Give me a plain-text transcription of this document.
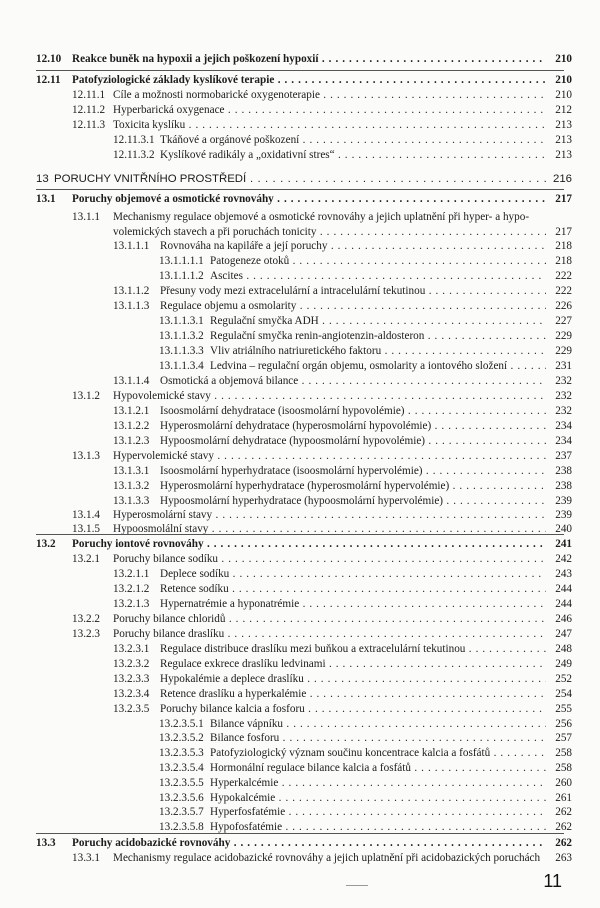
12.10 Reakce buněk na hypoxii a jejich poškození hypoxií . . .	210
12.11 Patofyziologické základy kyslíkové terapie . . .	210
12.11.1 Cíle a možnosti normobarické oxygenoterapie . . .	210
12.11.2 Hyperbarická oxygenace . . .	212
12.11.3 Toxicita kyslíku . . .	213
12.11.3.1 Tkáňové a orgánové poškození . . .	213
12.11.3.2 Kyslíkové radikály a „oxidativní stres“ . . .	213
13 PORUCHY VNITŘNÍHO PROSTŘEDÍ . . .	216
13.1 Poruchy objemové a osmotické rovnováhy . . .	217
13.1.1 Mechanismy regulace objemové a osmotické rovnováhy a jejich uplatnění při hyper- a hypo-
volemických stavech a při poruchách tonicity . . .	217
13.1.1.1 Rovnováha na kapiláře a její poruchy . . .	218
13.1.1.1.1 Patogeneze otoků . . .	218
13.1.1.1.2 Ascites . . .	222
13.1.1.2 Přesuny vody mezi extracelulární a intracelulární tekutinou . . .	222
13.1.1.3 Regulace objemu a osmolarity . . .	226
13.1.1.3.1 Regulační smyčka ADH . . .	227
13.1.1.3.2 Regulační smyčka renin-angiotenzin-aldosteron . . .	229
13.1.1.3.3 Vliv atriálního natriuretického faktoru . . .	229
13.1.1.3.4 Ledvina – regulační orgán objemu, osmolarity a iontového složení . . .	231
13.1.1.4 Osmotická a objemová bilance . . .	232
13.1.2 Hypovolemické stavy . . .	232
13.1.2.1 Isoosmolární dehydratace (isoosmolární hypovolémie) . . .	232
13.1.2.2 Hyperosmolární dehydratace (hyperosmolární hypovolémie) . . .	234
13.1.2.3 Hypoosmolární dehydratace (hypoosmolární hypovolémie) . . .	234
13.1.3 Hypervolemické stavy . . .	237
13.1.3.1 Isoosmolární hyperhydratace (isoosmolární hypervolémie) . . .	238
13.1.3.2 Hyperosmolární hyperhydratace (hyperosmolární hypervolémie) . . .	238
13.1.3.3 Hypoosmolární hyperhydratace (hypoosmolární hypervolémie) . . .	239
13.1.4 Hyperosmolární stavy . . .	239
13.1.5 Hypoosmolální stavy . . .	240
13.2 Poruchy iontové rovnováhy . . .	241
13.2.1 Poruchy bilance sodíku . . .	242
13.2.1.1 Deplece sodíku . . .	243
13.2.1.2 Retence sodíku . . .	244
13.2.1.3 Hypernatrémie a hyponatrémie . . .	244
13.2.2 Poruchy bilance chloridů . . .	246
13.2.3 Poruchy bilance draslíku . . .	247
13.2.3.1 Regulace distribuce draslíku mezi buňkou a extracelulární tekutinou . . .	248
13.2.3.2 Regulace exkrece draslíku ledvinami . . .	249
13.2.3.3 Hypokalémie a deplece draslíku . . .	252
13.2.3.4 Retence draslíku a hyperkalémie . . .	254
13.2.3.5 Poruchy bilance kalcia a fosforu . . .	255
13.2.3.5.1 Bilance vápníku . . .	256
13.2.3.5.2 Bilance fosforu . . .	257
13.2.3.5.3 Patofyziologický význam součinu koncentrace kalcia a fosfátů . . .	258
13.2.3.5.4 Hormonální regulace bilance kalcia a fosfátů . . .	258
13.2.3.5.5 Hyperkalcémie . . .	260
13.2.3.5.6 Hypokalcémie . . .	261
13.2.3.5.7 Hyperfosfatémie . . .	262
13.2.3.5.8 Hypofosfatémie . . .	262
13.3 Poruchy acidobazické rovnováhy . . .	262
13.3.1 Mechanismy regulace acidobazické rovnováhy a jejich uplatnění při acidobazických poruchách	263
11
